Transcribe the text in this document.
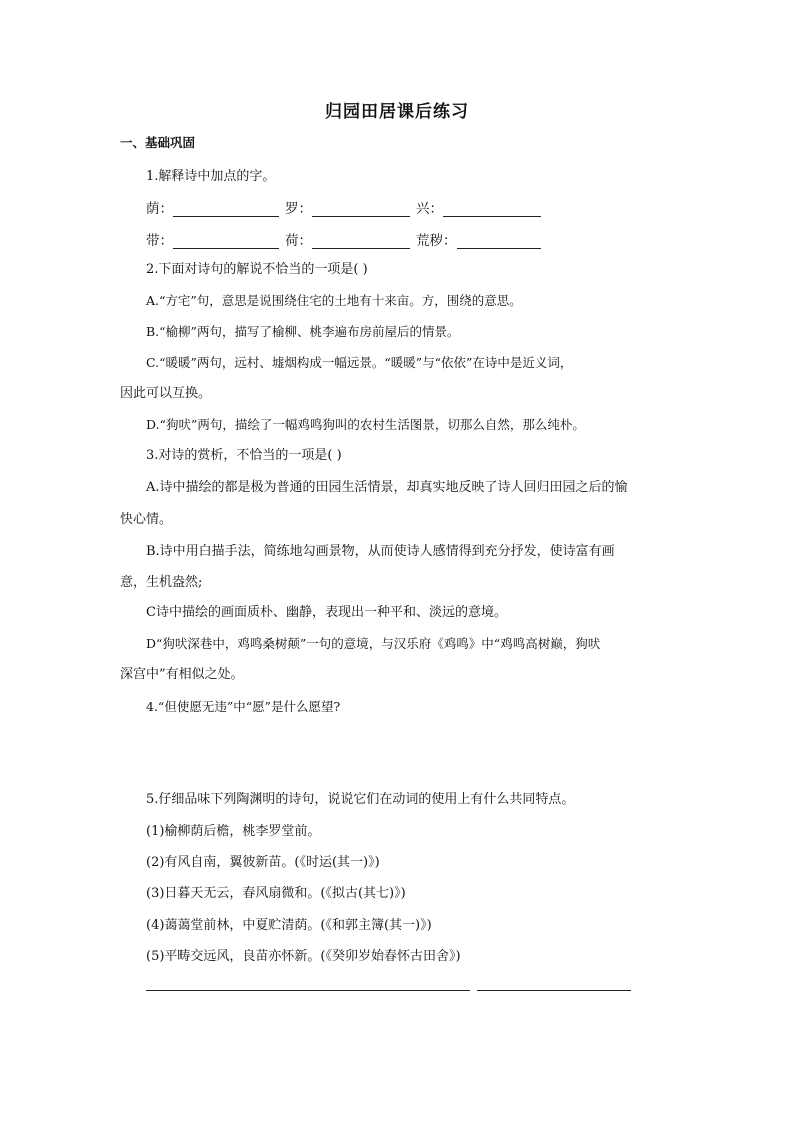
归园田居课后练习
一、基础巩固
1.解释诗中加点的字。
荫：	罗：	兴：
带：	荷：	荒秽：
2.下面对诗句的解说不恰当的一项是( )
A.“方宅”句，意思是说围绕住宅的土地有十来亩。方，围绕的意思。
B.“榆柳”两句，描写了榆柳、桃李遍布房前屋后的情景。
C.“暖暖”两句，远村、墟烟构成一幅远景。“暖暖”与“依依”在诗中是近义词，
因此可以互换。
D.“狗吠”两句，描绘了一幅鸡鸣狗叫的农村生活图景，切那么自然，那么纯朴。
3.对诗的赏析，不恰当的一项是( )
A.诗中描绘的都是极为普通的田园生活情景，却真实地反映了诗人回归田园之后的愉
快心情。
B.诗中用白描手法，简练地勾画景物，从而使诗人感情得到充分抒发，使诗富有画
意，生机盎然;
C诗中描绘的画面质朴、幽静，表现出一种平和、淡远的意境。
D“狗吠深巷中，鸡鸣桑树颠”一句的意境，与汉乐府《鸡鸣》中“鸡鸣高树巅，狗吠
深宫中”有相似之处。
4.“但使愿无违”中“愿”是什么愿望?
5.仔细品味下列陶渊明的诗句，说说它们在动词的使用上有什么共同特点。
(1)榆柳荫后檐，桃李罗堂前。
(2)有风自南，翼彼新苗。(《时运(其一)》)
(3)日暮天无云，春风扇微和。(《拟古(其七)》)
(4)蔼蔼堂前林，中夏贮清荫。(《和郭主簿(其一)》)
(5)平畴交远风，良苗亦怀新。(《癸卯岁始春怀古田舍》)
